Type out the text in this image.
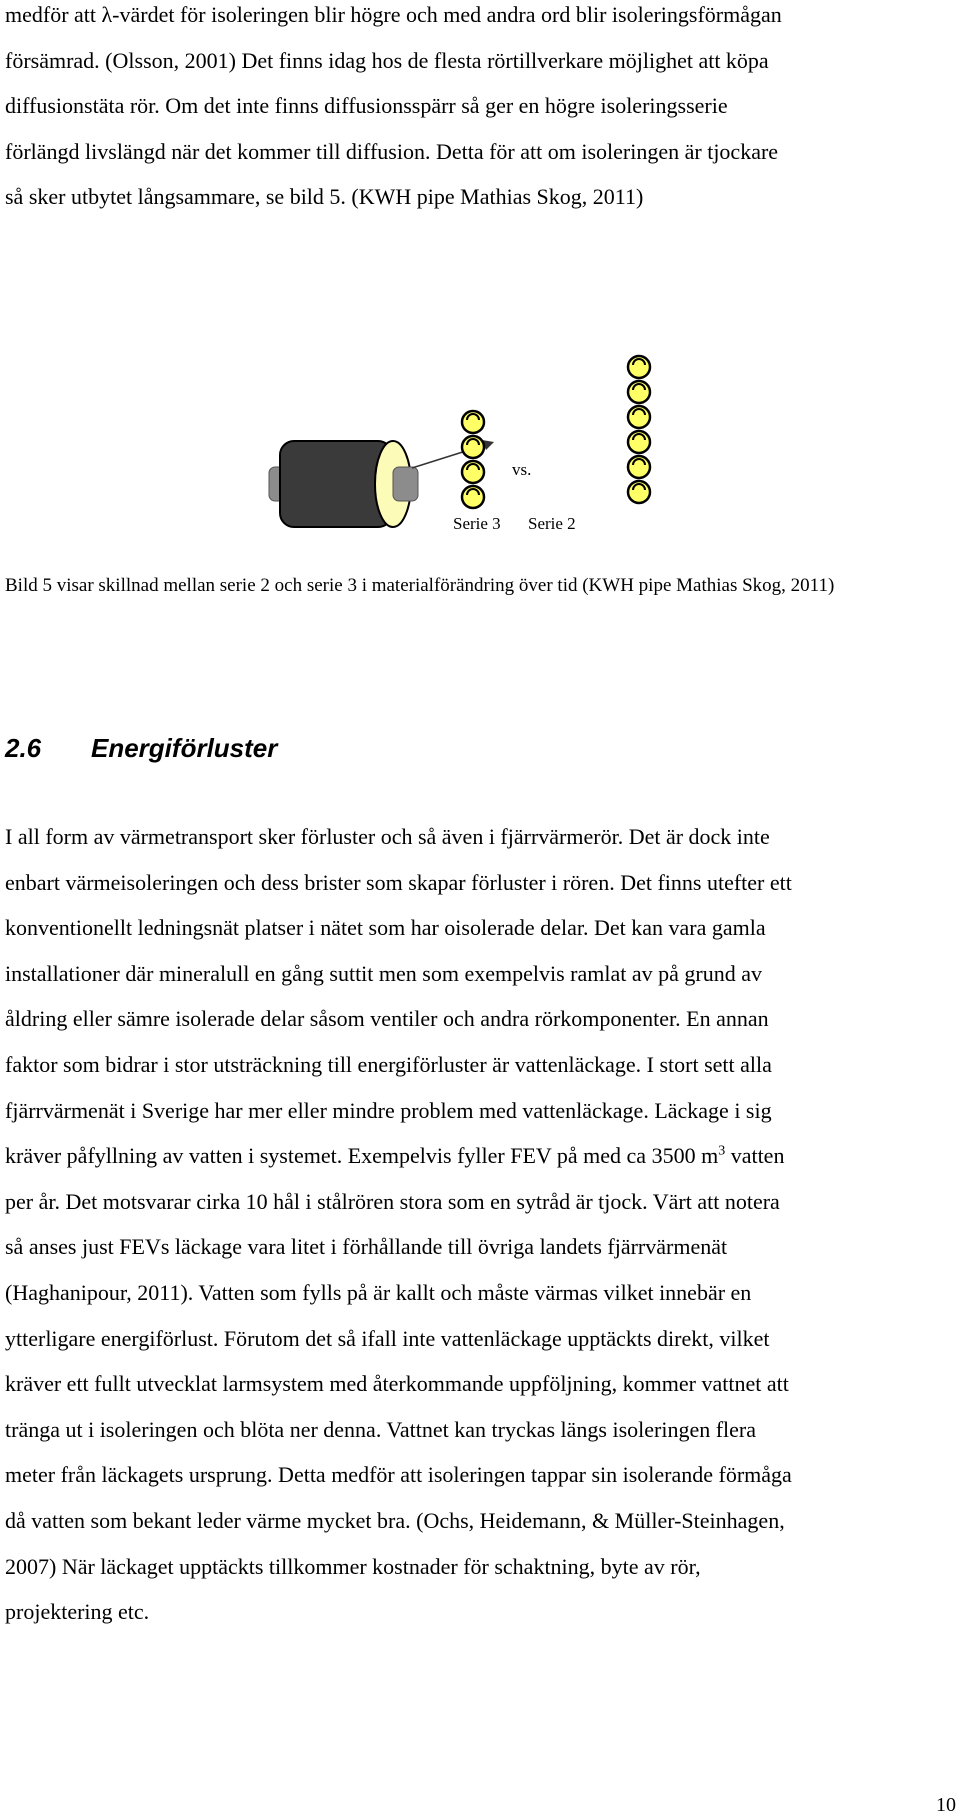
medför att λ-värdet för isoleringen blir högre och med andra ord blir isoleringsförmågan
försämrad. (Olsson, 2001) Det finns idag hos de flesta rörtillverkare möjlighet att köpa
diffusionstäta rör. Om det inte finns diffusionsspärr så ger en högre isoleringsserie
förlängd livslängd när det kommer till diffusion. Detta för att om isoleringen är tjockare
så sker utbytet långsammare, se bild 5. (KWH pipe Mathias Skog, 2011)

vs.
Serie 3 Serie 2

Bild 5 visar skillnad mellan serie 2 och serie 3 i materialförändring över tid (KWH pipe Mathias Skog, 2011)

2.6 Energiförluster

I all form av värmetransport sker förluster och så även i fjärrvärmerör. Det är dock inte
enbart värmeisoleringen och dess brister som skapar förluster i rören. Det finns utefter ett
konventionellt ledningsnät platser i nätet som har oisolerade delar. Det kan vara gamla
installationer där mineralull en gång suttit men som exempelvis ramlat av på grund av
åldring eller sämre isolerade delar såsom ventiler och andra rörkomponenter. En annan
faktor som bidrar i stor utsträckning till energiförluster är vattenläckage. I stort sett alla
fjärrvärmenät i Sverige har mer eller mindre problem med vattenläckage. Läckage i sig
kräver påfyllning av vatten i systemet. Exempelvis fyller FEV på med ca 3500 $m^3$ vatten
per år. Det motsvarar cirka 10 hål i stålrören stora som en sytråd är tjock. Värt att notera
så anses just FEVs läckage vara litet i förhållande till övriga landets fjärrvärmenät
(Haghanipour, 2011). Vatten som fylls på är kallt och måste värmas vilket innebär en
ytterligare energiförlust. Förutom det så ifall inte vattenläckage upptäckts direkt, vilket
kräver ett fullt utvecklat larmsystem med återkommande uppföljning, kommer vattnet att
tränga ut i isoleringen och blöta ner denna. Vattnet kan tryckas längs isoleringen flera
meter från läckagets ursprung. Detta medför att isoleringen tappar sin isolerande förmåga
då vatten som bekant leder värme mycket bra. (Ochs, Heidemann, & Müller-Steinhagen,
2007) När läckaget upptäckts tillkommer kostnader för schaktning, byte av rör,
projektering etc.

10
